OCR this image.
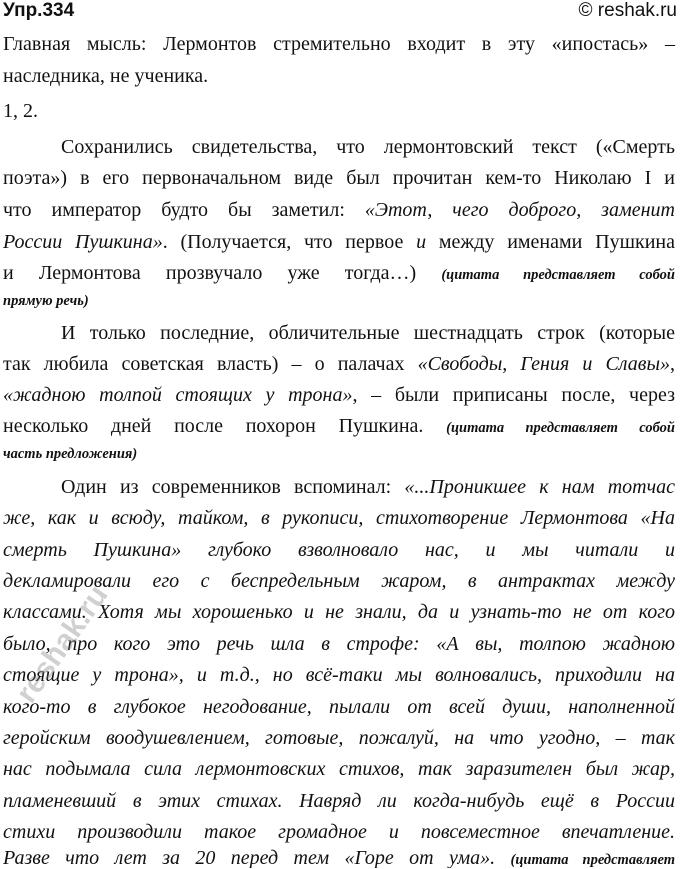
Упр.334	© reshak.ru
Главная мысль: Лермонтов стремительно входит в эту «ипостась» –
наследника, не ученика.
1, 2.
Сохранились свидетельства, что лермонтовский текст («Смерть
поэта») в его первоначальном виде был прочитан кем-то Николаю I и
что император будто бы заметил: «Этот, чего доброго, заменит
России Пушкина». (Получается, что первое и между именами Пушкина
и Лермонтова прозвучало уже тогда…) (цитата представляет собой
прямую речь)
И только последние, обличительные шестнадцать строк (которые
так любила советская власть) – о палачах «Свободы, Гения и Славы»,
«жадною толпой стоящих у трона», – были приписаны после, через
несколько дней после похорон Пушкина. (цитата представляет собой
часть предложения)
Один из современников вспоминал: «...Проникшее к нам тотчас
же, как и всюду, тайком, в рукописи, стихотворение Лермонтова «На
смерть Пушкина» глубоко взволновало нас, и мы читали и
декламировали его с беспредельным жаром, в антрактах между
классами. Хотя мы хорошенько и не знали, да и узнать-то не от кого
было, про кого это речь шла в строфе: «А вы, толпою жадною
стоящие у трона», и т.д., но всё-таки мы волновались, приходили на
кого-то в глубокое негодование, пылали от всей души, наполненной
геройским воодушевлением, готовые, пожалуй, на что угодно, – так
нас подымала сила лермонтовских стихов, так заразителен был жар,
пламеневший в этих стихах. Навряд ли когда-нибудь ещё в России
стихи производили такое громадное и повсеместное впечатление.
Разве что лет за 20 перед тем «Горе от ума». (цитата представляет
reshak.ru
